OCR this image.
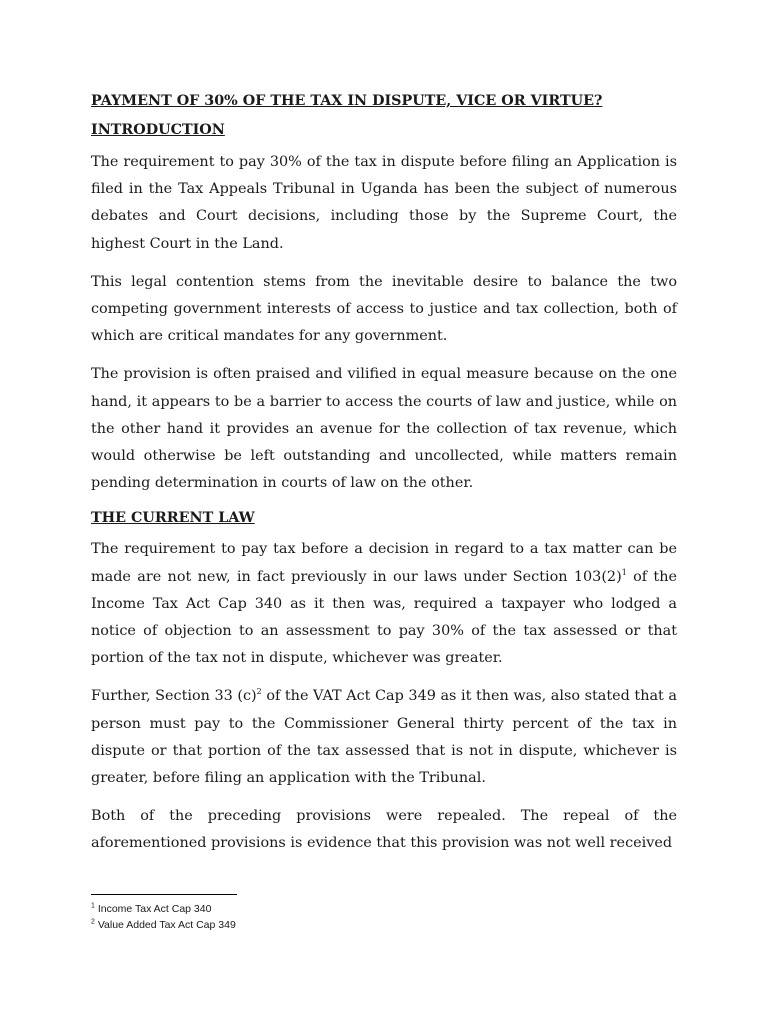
PAYMENT OF 30% OF THE TAX IN DISPUTE, VICE OR VIRTUE?
INTRODUCTION

The requirement to pay 30% of the tax in dispute before filing an Application is filed in the Tax Appeals Tribunal in Uganda has been the subject of numerous debates and Court decisions, including those by the Supreme Court, the highest Court in the Land.

This legal contention stems from the inevitable desire to balance the two competing government interests of access to justice and tax collection, both of which are critical mandates for any government.

The provision is often praised and vilified in equal measure because on the one hand, it appears to be a barrier to access the courts of law and justice, while on the other hand it provides an avenue for the collection of tax revenue, which would otherwise be left outstanding and uncollected, while matters remain pending determination in courts of law on the other.

THE CURRENT LAW

The requirement to pay tax before a decision in regard to a tax matter can be made are not new, in fact previously in our laws under Section $103(2)^1$ of the Income Tax Act Cap 340 as it then was, required a taxpayer who lodged a notice of objection to an assessment to pay 30% of the tax assessed or that portion of the tax not in dispute, whichever was greater.

Further, Section 33 $(c)^2$ of the VAT Act Cap 349 as it then was, also stated that a person must pay to the Commissioner General thirty percent of the tax in dispute or that portion of the tax assessed that is not in dispute, whichever is greater, before filing an application with the Tribunal.

Both of the preceding provisions were repealed. The repeal of the aforementioned provisions is evidence that this provision was not well received

$^1$ Income Tax Act Cap 340
$^2$ Value Added Tax Act Cap 349
